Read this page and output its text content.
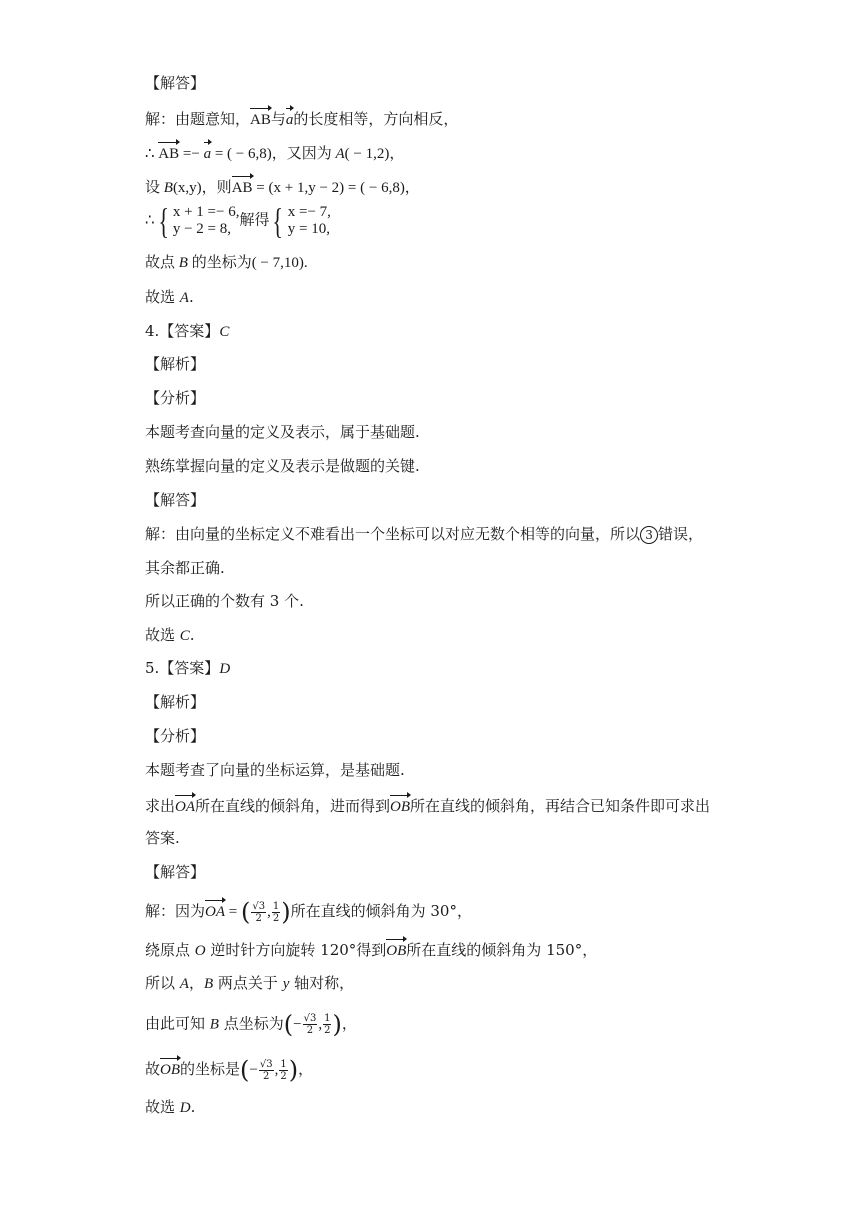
【解答】
解：由题意知，AB与a的长度相等，方向相反，
∴ AB =− a = ( − 6,8)，又因为 A( − 1,2)，
设 B(x,y)，则AB = (x + 1,y − 2) = ( − 6,8)，
∴ { x + 1 =− 6,
y − 2 = 8,
解得 { x =− 7,
y = 10,
故点 B 的坐标为( − 7,10).
故选 A.
4.【答案】C
【解析】
【分析】
本题考查向量的定义及表示，属于基础题.
熟练掌握向量的定义及表示是做题的关键.
【解答】
解：由向量的坐标定义不难看出一个坐标可以对应无数个相等的向量，所以 3 错误，
其余都正确.
所以正确的个数有 3 个.
故选 C.
5.【答案】D
【解析】
【分析】
本题考查了向量的坐标运算，是基础题.
求出OA所在直线的倾斜角，进而得到OB所在直线的倾斜角，再结合已知条件即可求出
答案.
【解答】
解：因为OA = ( $\frac{√3}{2}$ , $\frac{1}{2}$ )所在直线的倾斜角为 30°，
绕原点 O 逆时针方向旋转 120°得到OB所在直线的倾斜角为 150°，
所以 A，B 两点关于 y 轴对称，
由此可知 B 点坐标为(− $\frac{√3}{2}$ , $\frac{1}{2}$ )，
故OB的坐标是(− $\frac{√3}{2}$ , $\frac{1}{2}$ )，
故选 D.
